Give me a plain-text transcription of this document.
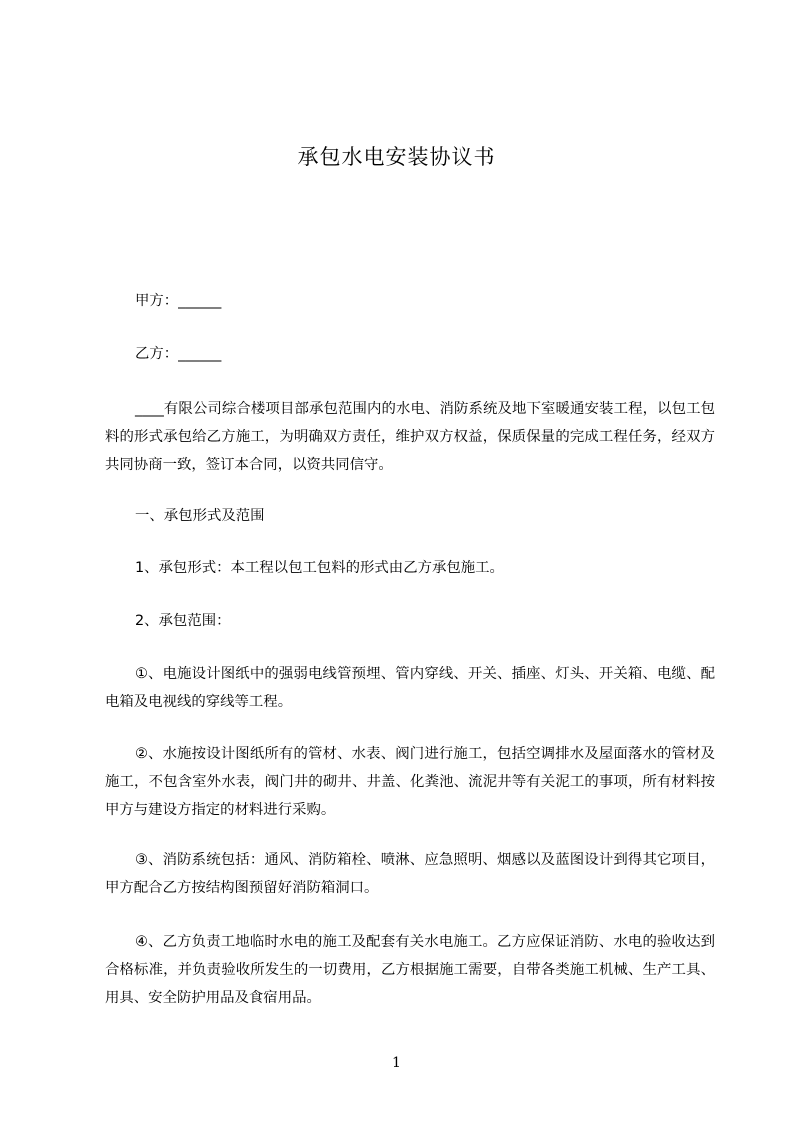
承包水电安装协议书
甲方：______
乙方：______
____有限公司综合楼项目部承包范围内的水电、消防系统及地下室暖通安装工程，以包工包料的形式承包给乙方施工，为明确双方责任，维护双方权益，保质保量的完成工程任务，经双方共同协商一致，签订本合同，以资共同信守。
一、承包形式及范围
1、承包形式：本工程以包工包料的形式由乙方承包施工。
2、承包范围：
①、电施设计图纸中的强弱电线管预埋、管内穿线、开关、插座、灯头、开关箱、电缆、配电箱及电视线的穿线等工程。
②、水施按设计图纸所有的管材、水表、阀门进行施工，包括空调排水及屋面落水的管材及施工，不包含室外水表，阀门井的砌井、井盖、化粪池、流泥井等有关泥工的事项，所有材料按甲方与建设方指定的材料进行采购。
③、消防系统包括：通风、消防箱栓、喷淋、应急照明、烟感以及蓝图设计到得其它项目，甲方配合乙方按结构图预留好消防箱洞口。
④、乙方负责工地临时水电的施工及配套有关水电施工。乙方应保证消防、水电的验收达到合格标准，并负责验收所发生的一切费用，乙方根据施工需要，自带各类施工机械、生产工具、用具、安全防护用品及食宿用品。
1
